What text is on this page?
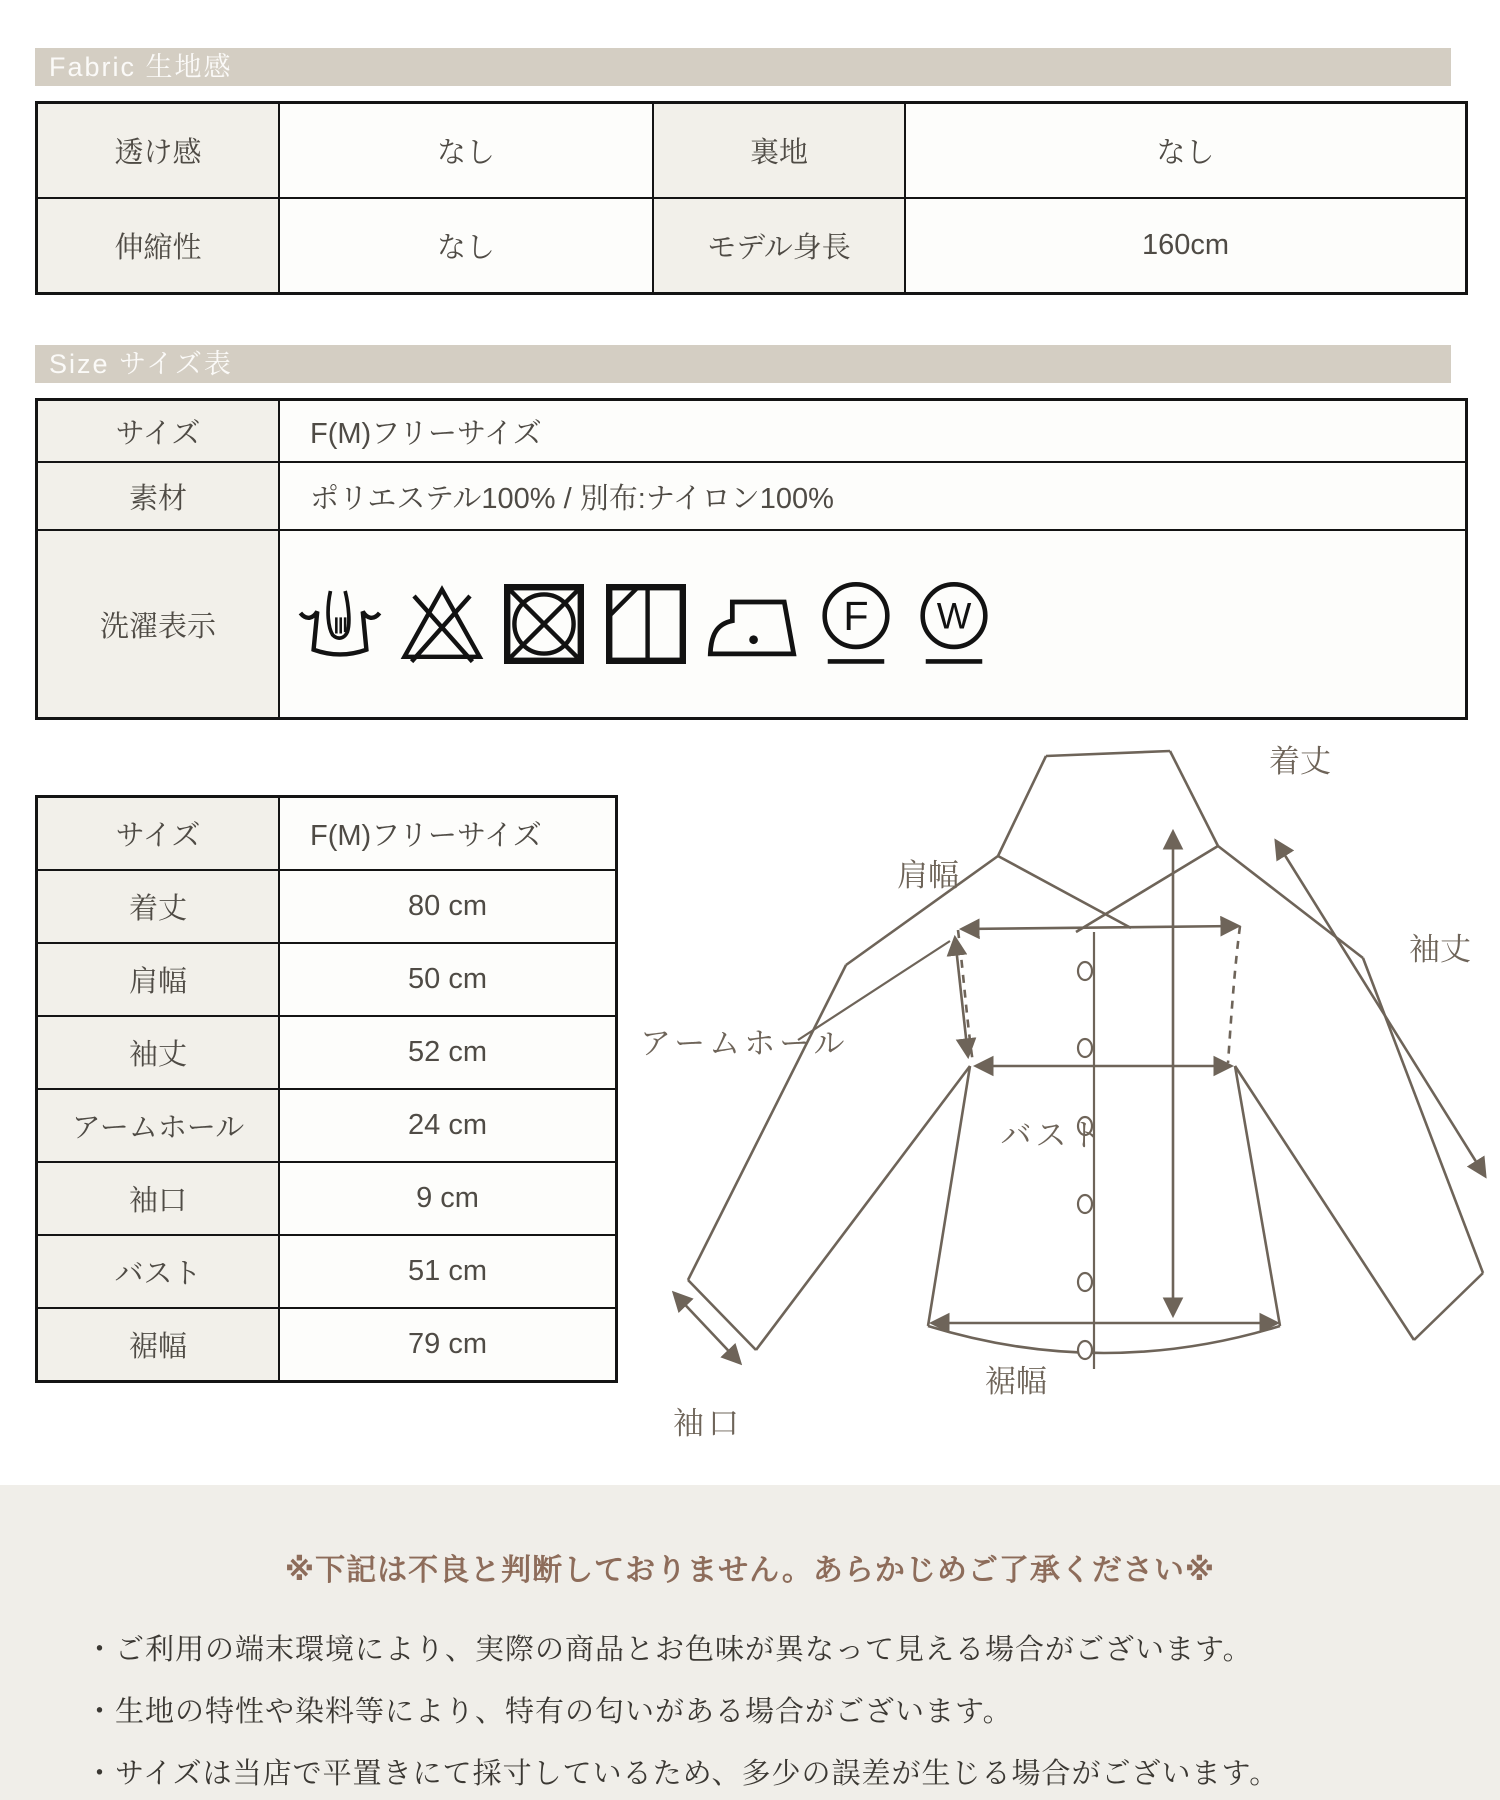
Fabric 生地感
透け感	なし	裏地	なし
伸縮性	なし	モデル身長	160cm
Size サイズ表
サイズ	F(M)フリーサイズ
素材	ポリエステル100% / 別布:ナイロン100%
洗濯表示	F W
サイズ	F(M)フリーサイズ
着丈	80 cm
肩幅	50 cm
袖丈	52 cm
アームホール	24 cm
袖口	9 cm
バスト	51 cm
裾幅	79 cm
肩幅
着丈
袖丈
アームホール
バスト
袖口
裾幅
※下記は不良と判断しておりません。あらかじめご了承ください※
・ご利用の端末環境により、実際の商品とお色味が異なって見える場合がございます。
・生地の特性や染料等により、特有の匂いがある場合がございます。
・サイズは当店で平置きにて採寸しているため、多少の誤差が生じる場合がございます。
